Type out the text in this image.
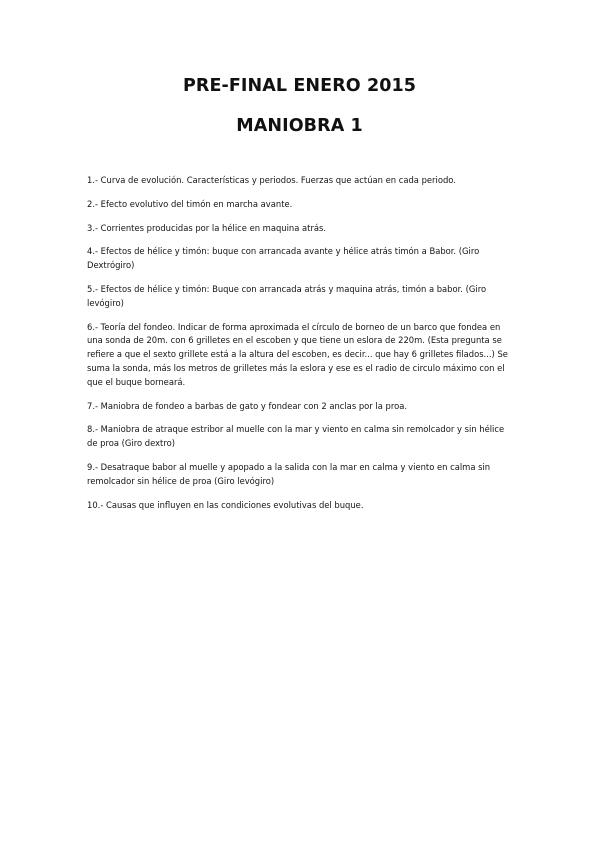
PRE-FINAL ENERO 2015
MANIOBRA 1
1.- Curva de evolución. Características y periodos. Fuerzas que actúan en cada periodo.
2.- Efecto evolutivo del timón en marcha avante.
3.- Corrientes producidas por la hélice en maquina atrás.
4.- Efectos de hélice y timón: buque con arrancada avante y hélice atrás timón a Babor. (Giro Dextrógiro)
5.- Efectos de hélice y timón: Buque con arrancada atrás y maquina atrás, timón a babor. (Giro levógiro)
6.- Teoría del fondeo. Indicar de forma aproximada el círculo de borneo de un barco que fondea en una sonda de 20m. con 6 grilletes en el escoben y que tiene un eslora de 220m. (Esta pregunta se refiere a que el sexto grillete está a la altura del escoben, es decir... que hay 6 grilletes filados...) Se suma la sonda, más los metros de grilletes más la eslora y ese es el radio de circulo máximo con el que el buque borneará.
7.- Maniobra de fondeo a barbas de gato y fondear con 2 anclas por la proa.
8.- Maniobra de atraque estribor al muelle con la mar y viento en calma sin remolcador y sin hélice de proa (Giro dextro)
9.- Desatraque babor al muelle y apopado a la salida con la mar en calma y viento en calma sin remolcador sin hélice de proa (Giro levógiro)
10.- Causas que influyen en las condiciones evolutivas del buque.
